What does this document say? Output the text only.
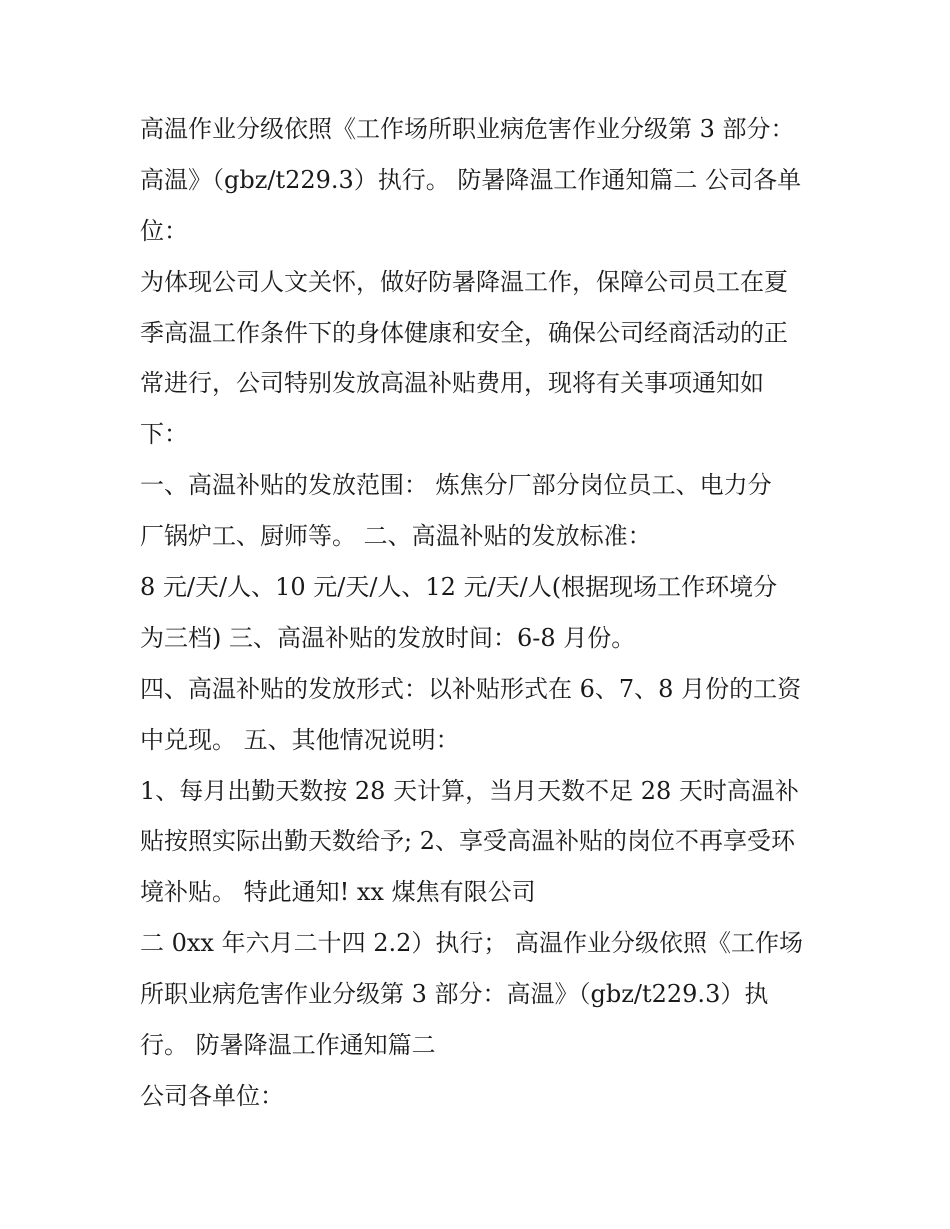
高温作业分级依照《工作场所职业病危害作业分级第 3 部分：
高温》（gbz/t229.3）执行。 防暑降温工作通知篇二 公司各单
位：
为体现公司人文关怀，做好防暑降温工作，保障公司员工在夏
季高温工作条件下的身体健康和安全，确保公司经商活动的正
常进行，公司特别发放高温补贴费用，现将有关事项通知如
下：
一、高温补贴的发放范围： 炼焦分厂部分岗位员工、电力分
厂锅炉工、厨师等。 二、高温补贴的发放标准：
8 元/天/人、10 元/天/人、12 元/天/人(根据现场工作环境分
为三档) 三、高温补贴的发放时间：6-8 月份。
四、高温补贴的发放形式：以补贴形式在 6、7、8 月份的工资
中兑现。 五、其他情况说明：
1、每月出勤天数按 28 天计算，当月天数不足 28 天时高温补
贴按照实际出勤天数给予; 2、享受高温补贴的岗位不再享受环
境补贴。 特此通知! xx 煤焦有限公司
二 0xx 年六月二十四 2.2）执行； 高温作业分级依照《工作场
所职业病危害作业分级第 3 部分：高温》（gbz/t229.3）执
行。 防暑降温工作通知篇二
公司各单位：
